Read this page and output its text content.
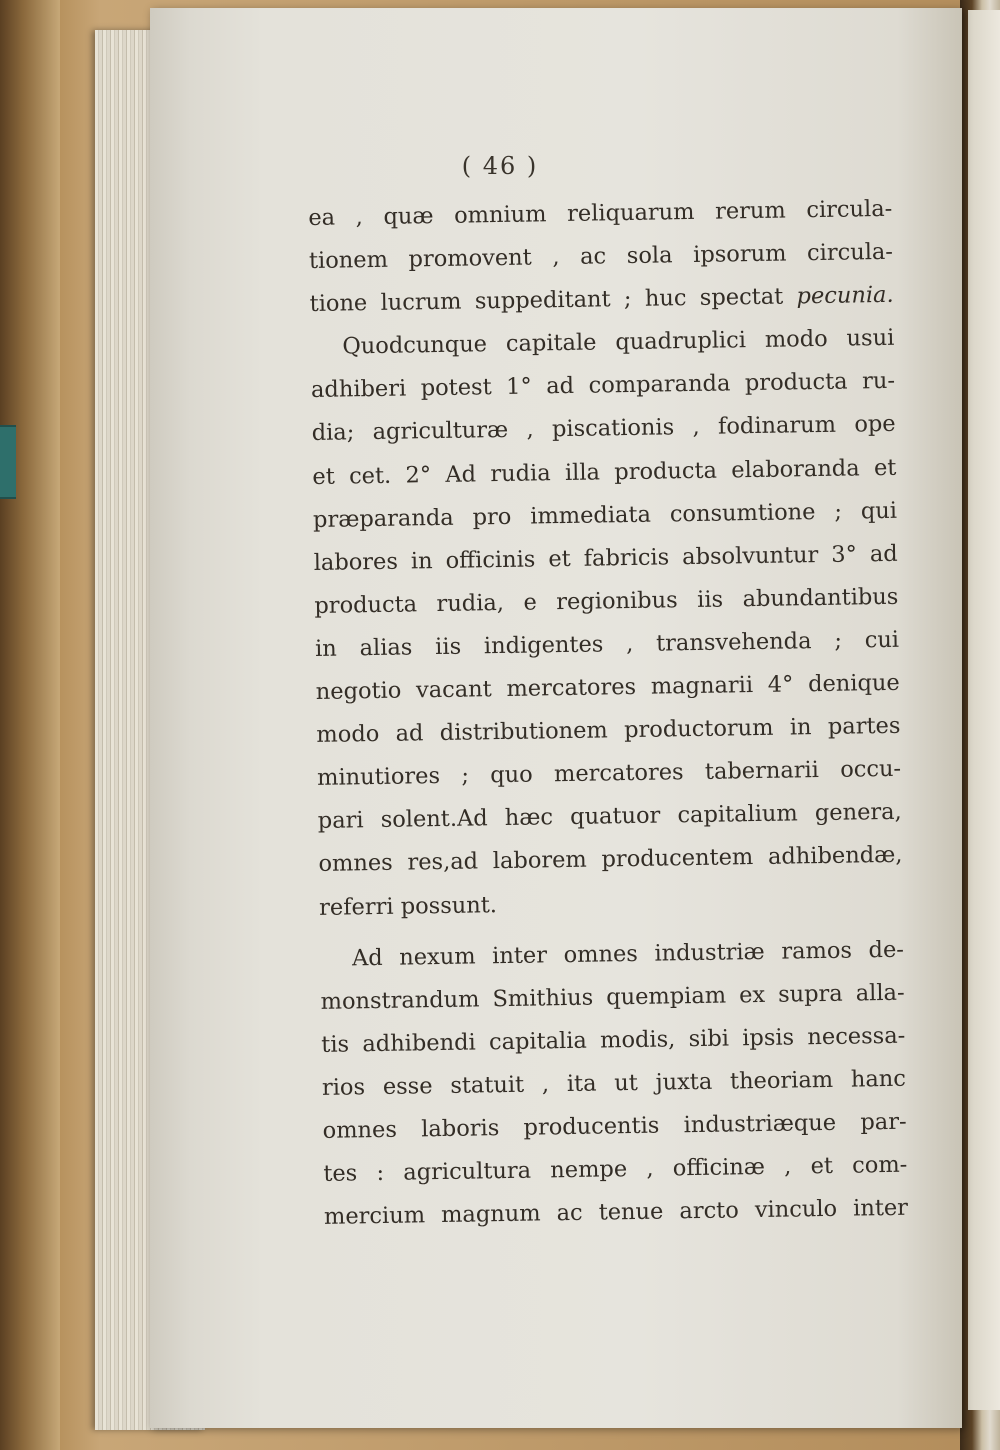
( 46 )
ea , quæ omnium reliquarum rerum circula-
tionem promovent , ac sola ipsorum circula-
tione lucrum suppeditant ; huc spectat pecunia.
Quodcunque capitale quadruplici modo usui
adhiberi potest 1° ad comparanda producta ru-
dia; agriculturæ , piscationis , fodinarum ope
et cet. 2° Ad rudia illa producta elaboranda et
præparanda pro immediata consumtione ; qui
labores in officinis et fabricis absolvuntur 3° ad
producta rudia, e regionibus iis abundantibus
in alias iis indigentes , transvehenda ; cui
negotio vacant mercatores magnarii 4° denique
modo ad distributionem productorum in partes
minutiores ; quo mercatores tabernarii occu-
pari solent.Ad hæc quatuor capitalium genera,
omnes res,ad laborem producentem adhibendæ,
referri possunt.
Ad nexum inter omnes industriæ ramos de-
monstrandum Smithius quempiam ex supra alla-
tis adhibendi capitalia modis, sibi ipsis necessa-
rios esse statuit , ita ut juxta theoriam hanc
omnes laboris producentis industriæque par-
tes : agricultura nempe , officinæ , et com-
mercium magnum ac tenue arcto vinculo inter
